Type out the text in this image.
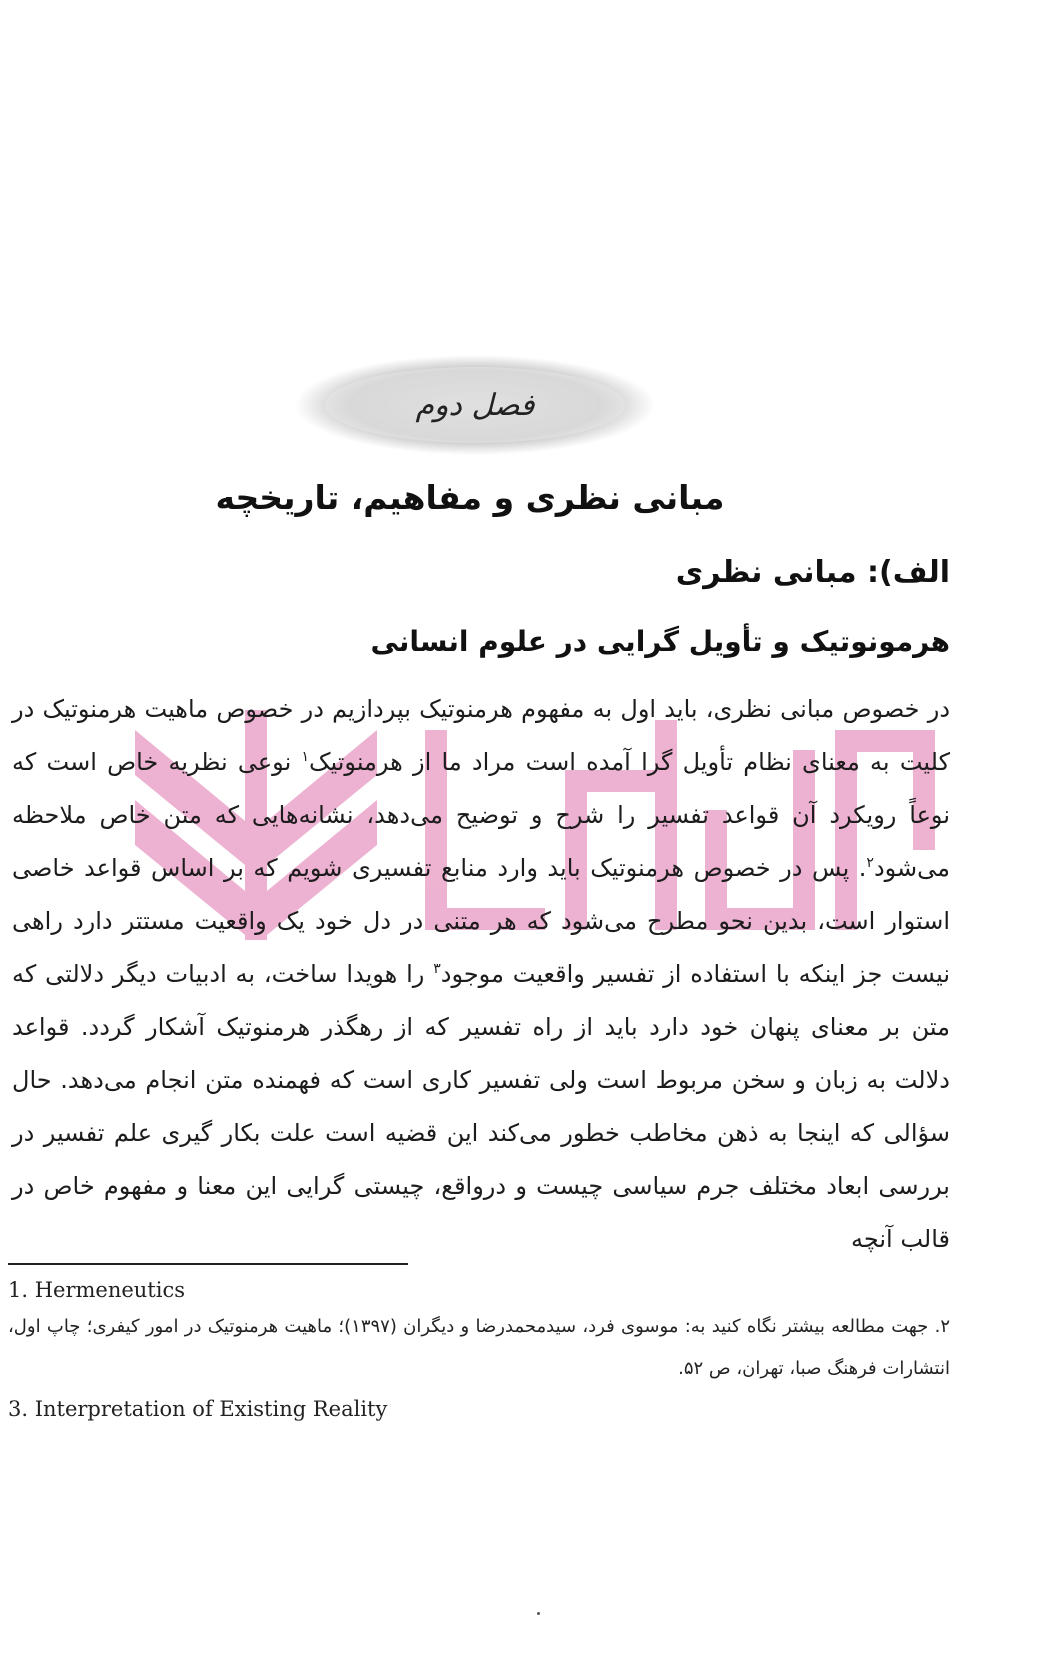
فصل دوم
مبانی نظری و مفاهیم، تاریخچه
الف): مبانی نظری
هرمونوتیک و تأویل گرایی در علوم انسانی

در خصوص مبانی نظری، باید اول به مفهوم هرمنوتیک بپردازیم در خصوص ماهیت هرمنوتیک در کلیت به معنای نظام تأویل گرا آمده است مراد ما از هرمنوتیک$^۱$ نوعی نظریه خاص است که نوعاً رویکرد آن قواعد تفسیر را شرح و توضیح می‌دهد، نشانه‌هایی که متن خاص ملاحظه می‌شود$^۲$. پس در خصوص هرمنوتیک باید وارد منابع تفسیری شویم که بر اساس قواعد خاصی استوار است، بدین نحو مطرح می‌شود که هر متنی در دل خود یک واقعیت مستتر دارد راهی نیست جز اینکه با استفاده از تفسیر واقعیت موجود$^۳$ را هویدا ساخت، به ادبیات دیگر دلالتی که متن بر معنای پنهان خود دارد باید از راه تفسیر که از رهگذر هرمنوتیک آشکار گردد. قواعد دلالت به زبان و سخن مربوط است ولی تفسیر کاری است که فهمنده متن انجام می‌دهد. حال سؤالی که اینجا به ذهن مخاطب خطور می‌کند این قضیه است علت بکار گیری علم تفسیر در بررسی ابعاد مختلف جرم سیاسی چیست و درواقع، چیستی گرایی این معنا و مفهوم خاص در قالب آنچه

1. Hermeneutics

۲. جهت مطالعه بیشتر نگاه کنید به: موسوی فرد، سیدمحمدرضا و دیگران (۱۳۹۷)؛ ماهیت هرمنوتیک در امور کیفری؛ چاپ اول، انتشارات فرهنگ صبا، تهران، ص ۵۲.

3. Interpretation of Existing Reality
